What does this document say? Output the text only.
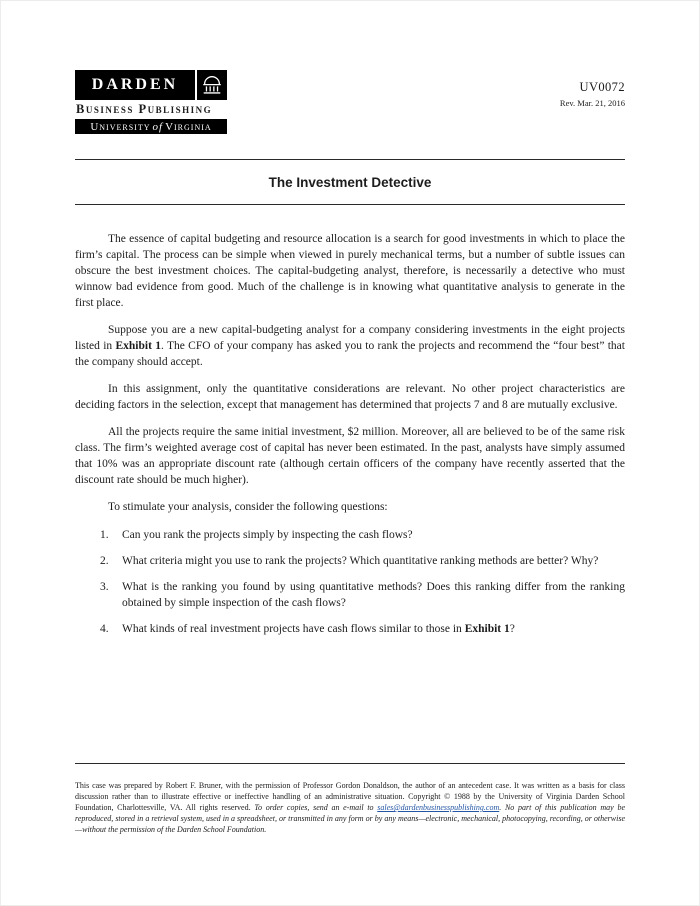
DARDEN
Business Publishing
University of Virginia
UV0072
Rev. Mar. 21, 2016
The Investment Detective

The essence of capital budgeting and resource allocation is a search for good investments in which to place the firm’s capital. The process can be simple when viewed in purely mechanical terms, but a number of subtle issues can obscure the best investment choices. The capital-budgeting analyst, therefore, is necessarily a detective who must winnow bad evidence from good. Much of the challenge is in knowing what quantitative analysis to generate in the first place.

Suppose you are a new capital-budgeting analyst for a company considering investments in the eight projects listed in Exhibit 1. The CFO of your company has asked you to rank the projects and recommend the “four best” that the company should accept.

In this assignment, only the quantitative considerations are relevant. No other project characteristics are deciding factors in the selection, except that management has determined that projects 7 and 8 are mutually exclusive.

All the projects require the same initial investment, $2 million. Moreover, all are believed to be of the same risk class. The firm’s weighted average cost of capital has never been estimated. In the past, analysts have simply assumed that 10% was an appropriate discount rate (although certain officers of the company have recently asserted that the discount rate should be much higher).

To stimulate your analysis, consider the following questions:

1.	Can you rank the projects simply by inspecting the cash flows?
2.	What criteria might you use to rank the projects? Which quantitative ranking methods are better? Why?
3.	What is the ranking you found by using quantitative methods? Does this ranking differ from the ranking obtained by simple inspection of the cash flows?
4.	What kinds of real investment projects have cash flows similar to those in Exhibit 1?

This case was prepared by Robert F. Bruner, with the permission of Professor Gordon Donaldson, the author of an antecedent case. It was written as a basis for class discussion rather than to illustrate effective or ineffective handling of an administrative situation. Copyright © 1988 by the University of Virginia Darden School Foundation, Charlottesville, VA. All rights reserved. To order copies, send an e-mail to sales@dardenbusinesspublishing.com. No part of this publication may be reproduced, stored in a retrieval system, used in a spreadsheet, or transmitted in any form or by any means—electronic, mechanical, photocopying, recording, or otherwise—without the permission of the Darden School Foundation.
